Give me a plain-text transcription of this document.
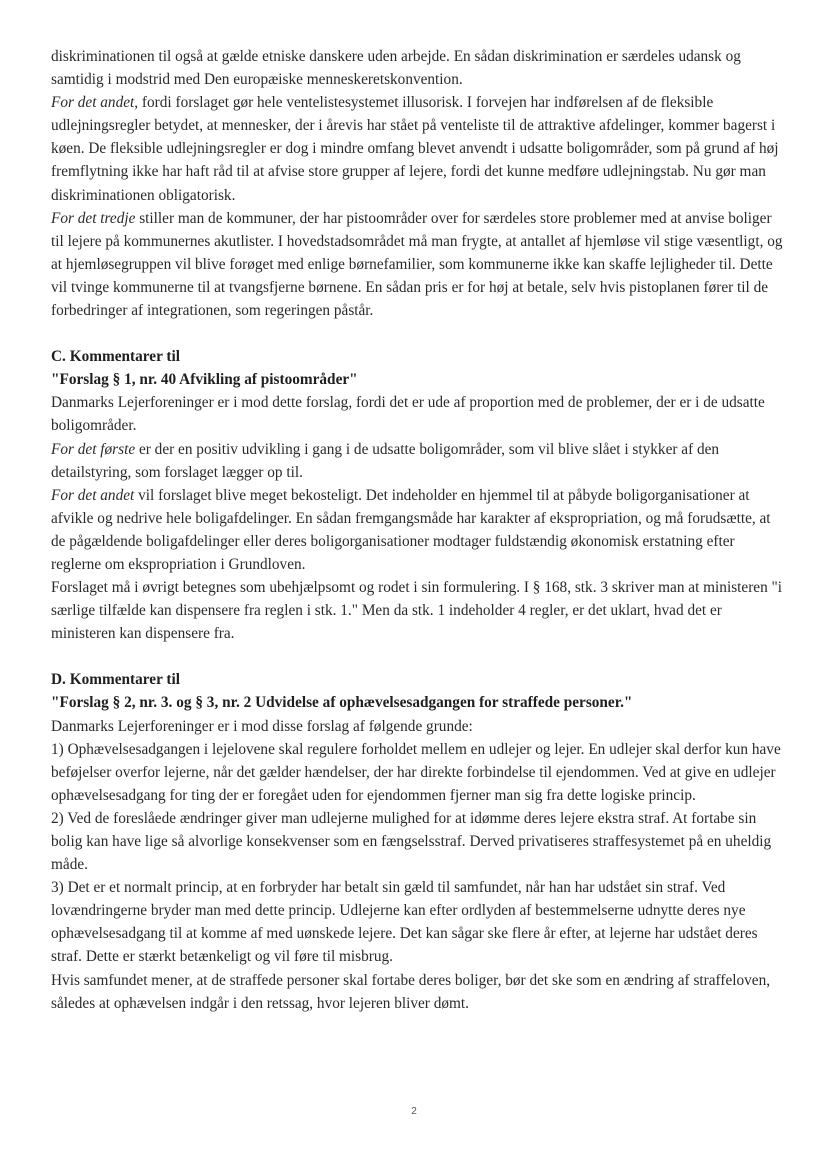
diskriminationen til også at gælde etniske danskere uden arbejde. En sådan diskrimination er særdeles udansk og samtidig i modstrid med Den europæiske menneskeretskonvention.

For det andet, fordi forslaget gør hele ventelistesystemet illusorisk. I forvejen har indførelsen af de fleksible udlejningsregler betydet, at mennesker, der i årevis har stået på venteliste til de attraktive afdelinger, kommer bagerst i køen. De fleksible udlejningsregler er dog i mindre omfang blevet anvendt i udsatte boligområder, som på grund af høj fremflytning ikke har haft råd til at afvise store grupper af lejere, fordi det kunne medføre udlejningstab. Nu gør man diskriminationen obligatorisk.

For det tredje stiller man de kommuner, der har pistoområder over for særdeles store problemer med at anvise boliger til lejere på kommunernes akutlister. I hovedstadsområdet må man frygte, at antallet af hjemløse vil stige væsentligt, og at hjemløsegruppen vil blive forøget med enlige børnefamilier, som kommunerne ikke kan skaffe lejligheder til. Dette vil tvinge kommunerne til at tvangsfjerne børnene. En sådan pris er for høj at betale, selv hvis pistoplanen fører til de forbedringer af integrationen, som regeringen påstår.

C. Kommentarer til

"Forslag § 1, nr. 40 Afvikling af pistoområder"

Danmarks Lejerforeninger er i mod dette forslag, fordi det er ude af proportion med de problemer, der er i de udsatte boligområder.

For det første er der en positiv udvikling i gang i de udsatte boligområder, som vil blive slået i stykker af den detailstyring, som forslaget lægger op til.

For det andet vil forslaget blive meget bekosteligt. Det indeholder en hjemmel til at påbyde boligorganisationer at afvikle og nedrive hele boligafdelinger. En sådan fremgangsmåde har karakter af ekspropriation, og må forudsætte, at de pågældende boligafdelinger eller deres boligorganisationer modtager fuldstændig økonomisk erstatning efter reglerne om ekspropriation i Grundloven.

Forslaget må i øvrigt betegnes som ubehjælpsomt og rodet i sin formulering. I § 168, stk. 3 skriver man at ministeren "i særlige tilfælde kan dispensere fra reglen i stk. 1." Men da stk. 1 indeholder 4 regler, er det uklart, hvad det er ministeren kan dispensere fra.

D. Kommentarer til

"Forslag § 2, nr. 3. og § 3, nr. 2 Udvidelse af ophævelsesadgangen for straffede personer."

Danmarks Lejerforeninger er i mod disse forslag af følgende grunde:

1) Ophævelsesadgangen i lejelovene skal regulere forholdet mellem en udlejer og lejer. En udlejer skal derfor kun have beføjelser overfor lejerne, når det gælder hændelser, der har direkte forbindelse til ejendommen. Ved at give en udlejer ophævelsesadgang for ting der er foregået uden for ejendommen fjerner man sig fra dette logiske princip.

2) Ved de foreslåede ændringer giver man udlejerne mulighed for at idømme deres lejere ekstra straf. At fortabe sin bolig kan have lige så alvorlige konsekvenser som en fængselsstraf. Derved privatiseres straffesystemet på en uheldig måde.

3) Det er et normalt princip, at en forbryder har betalt sin gæld til samfundet, når han har udstået sin straf. Ved lovændringerne bryder man med dette princip. Udlejerne kan efter ordlyden af bestemmelserne udnytte deres nye ophævelsesadgang til at komme af med uønskede lejere. Det kan sågar ske flere år efter, at lejerne har udstået deres straf. Dette er stærkt betænkeligt og vil føre til misbrug.

Hvis samfundet mener, at de straffede personer skal fortabe deres boliger, bør det ske som en ændring af straffeloven, således at ophævelsen indgår i den retssag, hvor lejeren bliver dømt.

2
